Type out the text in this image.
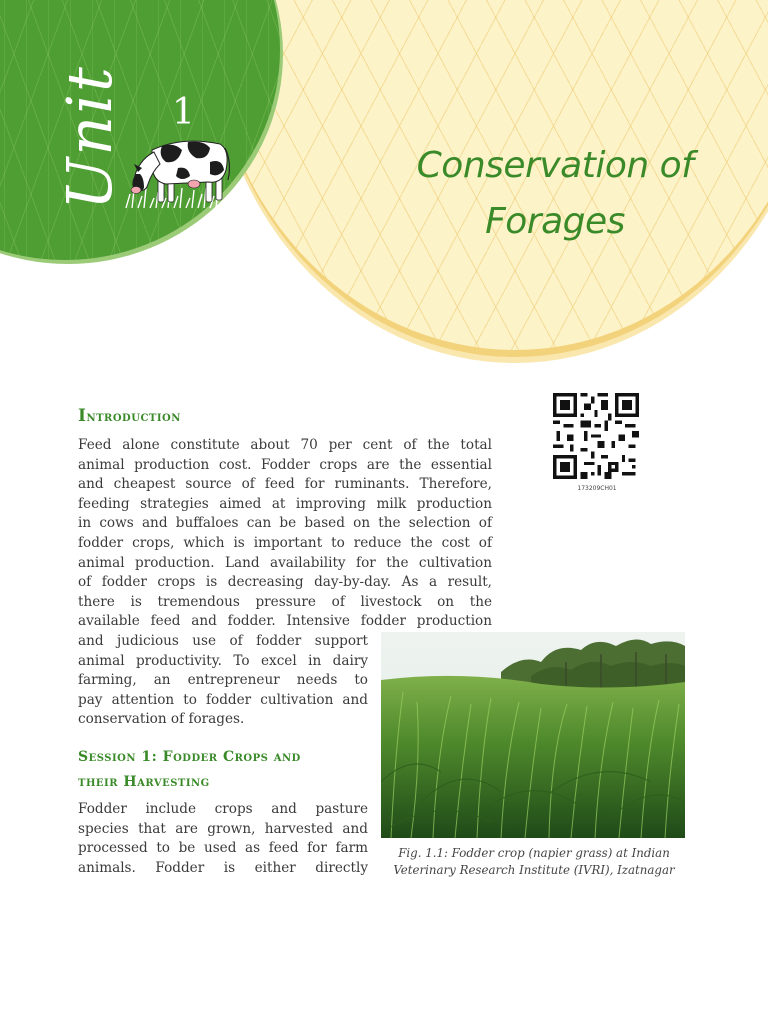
Unit 1
Conservation of
Forages
173209CH01
Introduction
Feed alone constitute about 70 per cent of the total
animal production cost. Fodder crops are the essential
and cheapest source of feed for ruminants. Therefore,
feeding strategies aimed at improving milk production
in cows and buffaloes can be based on the selection of
fodder crops, which is important to reduce the cost of
animal production. Land availability for the cultivation
of fodder crops is decreasing day-by-day. As a result,
there is tremendous pressure of livestock on the
available feed and fodder. Intensive fodder production
and judicious use of fodder support
animal productivity. To excel in dairy
farming, an entrepreneur needs to
pay attention to fodder cultivation and
conservation of forages.
Session 1: Fodder Crops and
their Harvesting
Fodder include crops and pasture
species that are grown, harvested and
processed to be used as feed for farm
animals. Fodder is either directly
Fig. 1.1: Fodder crop (napier grass) at Indian
Veterinary Research Institute (IVRI), Izatnagar
